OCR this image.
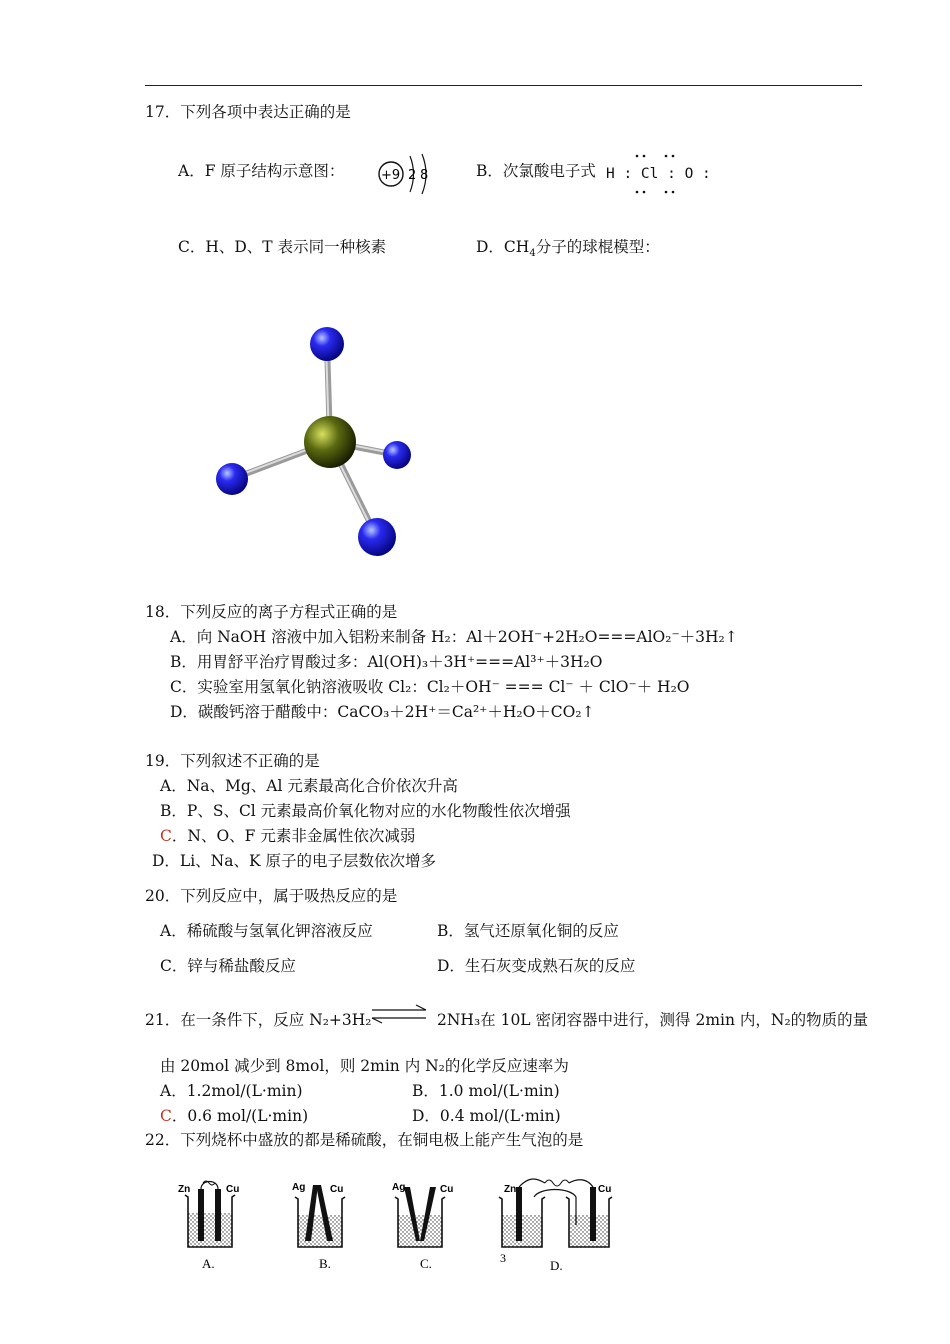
17．下列各项中表达正确的是
A．F 原子结构示意图：	+9 2 8	B．次氯酸电子式 H : Cl : O :
C．H、D、T 表示同一种核素	D．$CH_4$分子的球棍模型：
18．下列反应的离子方程式正确的是
A．向 NaOH 溶液中加入铝粉来制备 H₂：Al＋2OH⁻+2H₂O===AlO₂⁻＋3H₂↑
B．用胃舒平治疗胃酸过多：Al(OH)₃＋3H⁺===Al³⁺＋3H₂O
C．实验室用氢氧化钠溶液吸收 Cl₂：Cl₂＋OH⁻ === Cl⁻ ＋ ClO⁻＋ H₂O
D．碳酸钙溶于醋酸中：CaCO₃＋2H⁺＝Ca²⁺＋H₂O＋CO₂↑
19．下列叙述不正确的是
A．Na、Mg、Al 元素最高化合价依次升高
B．P、S、Cl 元素最高价氧化物对应的水化物酸性依次增强
C．N、O、F 元素非金属性依次减弱
D．Li、Na、K 原子的电子层数依次增多
20．下列反应中，属于吸热反应的是
A．稀硫酸与氢氧化钾溶液反应	B．氢气还原氧化铜的反应
C．锌与稀盐酸反应	D．生石灰变成熟石灰的反应
21．在一条件下，反应 N₂+3H₂ ⇌ 2NH₃在 10L 密闭容器中进行，测得 2min 内，N₂的物质的量
由 20mol 减少到 8mol，则 2min 内 N₂的化学反应速率为
A．1.2mol/(L·min)	B．1.0 mol/(L·min)
C．0.6 mol/(L·min)	D．0.4 mol/(L·min)
22．下列烧杯中盛放的都是稀硫酸，在铜电极上能产生气泡的是
Zn	Cu
A.
Ag Cu
B.
Ag	Cu
C.
Zn	Cu
3	D.
